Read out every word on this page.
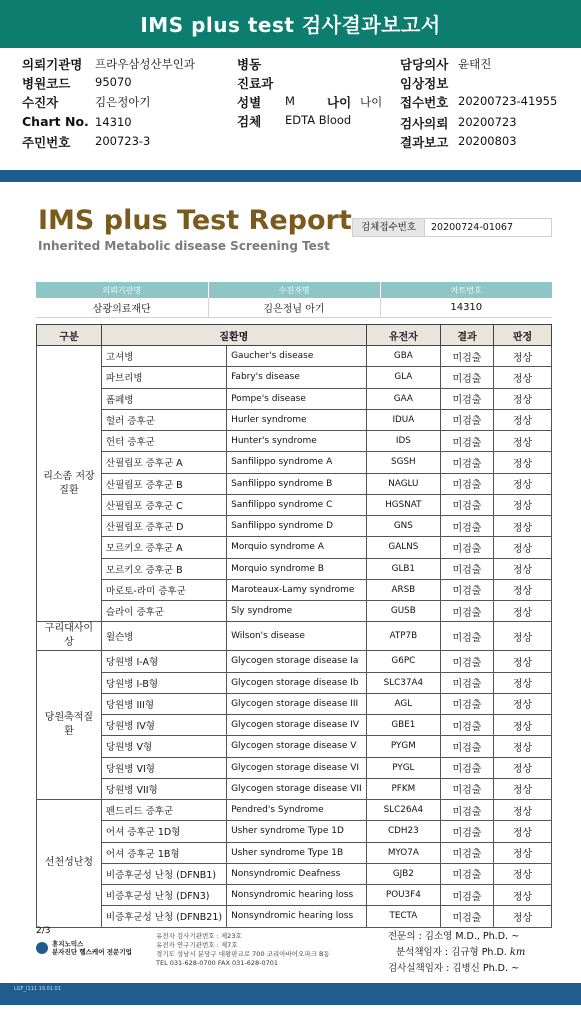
IMS plus test 검사결과보고서
의뢰기관명 프라우삼성산부인과
병원코드 95070
수진자	김은정아기
Chart No. 14310
주민번호 200723-3
병동
진료과
성별 M	나이 나이
검체 EDTA Blood
담당의사 윤태진
임상정보
접수번호 20200723-41955
검사의뢰 20200723
결과보고 20200803
IMS plus Test Report
Inherited Metabolic disease Screening Test
검체접수번호	20200724-01067
의뢰기관명	수진자명	차트번호
삼광의료재단	김은정님 아기	14310
구분	질환명		유전자	결과	판정
리소좀 저장질환	고셔병	Gaucher's disease	GBA	미검출	정상
	파브리병	Fabry's disease	GLA	미검출	정상
	폼페병	Pompe's disease	GAA	미검출	정상
	헐러 증후군	Hurler syndrome	IDUA	미검출	정상
	헌터 증후군	Hunter's syndrome	IDS	미검출	정상
	산필립포 증후군 A	Sanfilippo syndrome A	SGSH	미검출	정상
	산필립포 증후군 B	Sanfilippo syndrome B	NAGLU	미검출	정상
	산필립포 증후군 C	Sanfilippo syndrome C	HGSNAT	미검출	정상
	산필립포 증후군 D	Sanfilippo syndrome D	GNS	미검출	정상
	모르키오 증후군 A	Morquio syndrome A	GALNS	미검출	정상
	모르키오 증후군 B	Morquio syndrome B	GLB1	미검출	정상
	마로토-라미 증후군	Maroteaux-Lamy syndrome	ARSB	미검출	정상
	슬라이 증후군	Sly syndrome	GUSB	미검출	정상
구리대사이상	윌슨병	Wilson's disease	ATP7B	미검출	정상
당원축적질환	당원병 I-A형	Glycogen storage disease Ia	G6PC	미검출	정상
	당원병 I-B형	Glycogen storage disease Ib	SLC37A4	미검출	정상
	당원병 III형	Glycogen storage disease III	AGL	미검출	정상
	당원병 IV형	Glycogen storage disease IV	GBE1	미검출	정상
	당원병 V형	Glycogen storage disease V	PYGM	미검출	정상
	당원병 VI형	Glycogen storage disease VI	PYGL	미검출	정상
	당원병 VII형	Glycogen storage disease VII	PFKM	미검출	정상
선천성난청	펜드리드 증후군	Pendred's Syndrome	SLC26A4	미검출	정상
	어셔 증후군 1D형	Usher syndrome Type 1D	CDH23	미검출	정상
	어셔 증후군 1B형	Usher syndrome Type 1B	MYO7A	미검출	정상
	비증후군성 난청 (DFNB1)	Nonsyndromic Deafness	GJB2	미검출	정상
	비증후군성 난청 (DFN3)	Nonsyndromic hearing loss	POU3F4	미검출	정상
	비증후군성 난청 (DFNB21)	Nonsyndromic hearing loss	TECTA	미검출	정상
2/3
휴지노믹스
분자진단 헬스케어 전문기업
유전자 검사기관번호 : 제23호
유전자 연구기관번호 : 제7호
경기도 성남시 분당구 대왕판교로 700 코리아바이오파크 B동
TEL 031-628-0700 FAX 031-628-0701
전문의 : 김소영 M.D., Ph.D. ~
분석책임자 : 김규형 Ph.D. km
검사실책임자 : 김병신 Ph.D. ~
LGF_I111 19.01.01
